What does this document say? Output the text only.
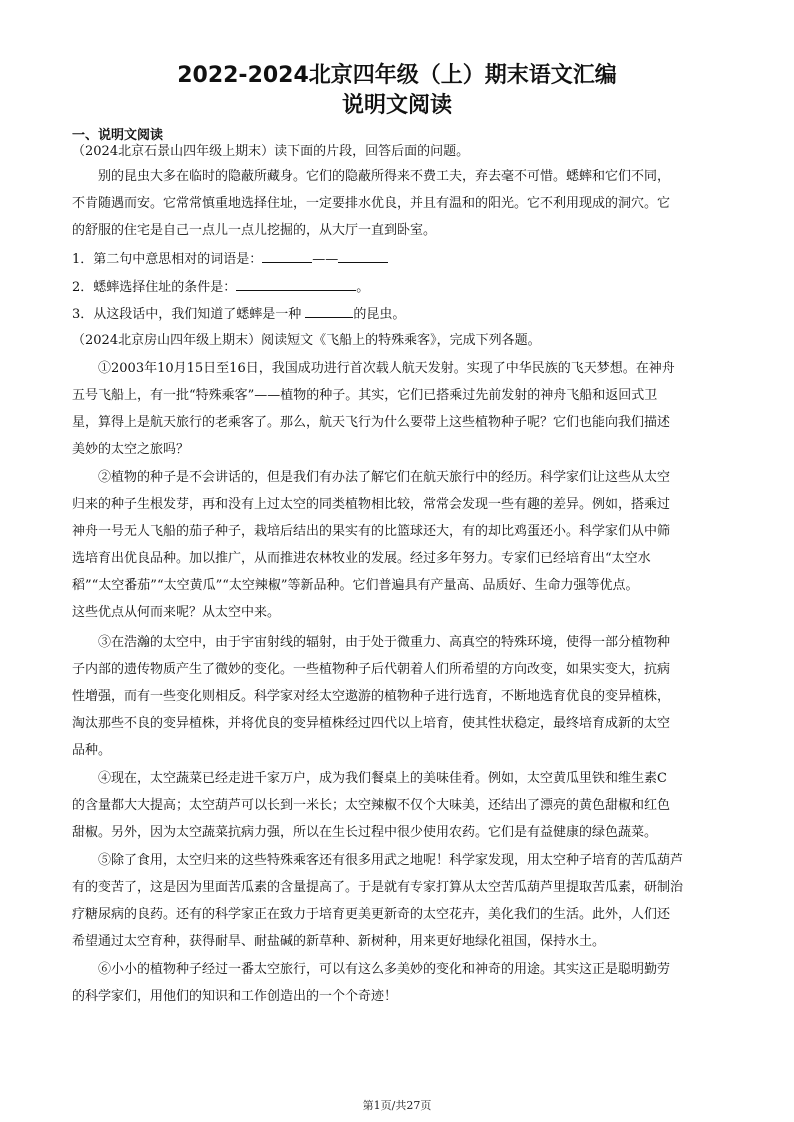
2022-2024北京四年级（上）期末语文汇编
说明文阅读
一、说明文阅读
（2024北京石景山四年级上期末）读下面的片段，回答后面的问题。
别的昆虫大多在临时的隐蔽所藏身。它们的隐蔽所得来不费工夫，弃去毫不可惜。蟋蟀和它们不同，
不肯随遇而安。它常常慎重地选择住址，一定要排水优良，并且有温和的阳光。它不利用现成的洞穴。它
的舒服的住宅是自己一点儿一点儿挖掘的，从大厅一直到卧室。
1．第二句中意思相对的词语是：	——
2．蟋蟀选择住址的条件是：	。
3．从这段话中，我们知道了蟋蟀是一种	的昆虫。
（2024北京房山四年级上期末）阅读短文《飞船上的特殊乘客》，完成下列各题。
①2003年10月15日至16日，我国成功进行首次载人航天发射。实现了中华民族的飞天梦想。在神舟
五号飞船上，有一批“特殊乘客”——植物的种子。其实，它们已搭乘过先前发射的神舟飞船和返回式卫
星，算得上是航天旅行的老乘客了。那么，航天飞行为什么要带上这些植物种子呢？它们也能向我们描述
美妙的太空之旅吗？
②植物的种子是不会讲话的，但是我们有办法了解它们在航天旅行中的经历。科学家们让这些从太空
归来的种子生根发芽，再和没有上过太空的同类植物相比较，常常会发现一些有趣的差异。例如，搭乘过
神舟一号无人飞船的茄子种子，栽培后结出的果实有的比篮球还大，有的却比鸡蛋还小。科学家们从中筛
选培育出优良品种。加以推广，从而推进农林牧业的发展。经过多年努力。专家们已经培育出“太空水
稻”“太空番茄”“太空黄瓜”“太空辣椒”等新品种。它们普遍具有产量高、品质好、生命力强等优点。
这些优点从何而来呢？从太空中来。
③在浩瀚的太空中，由于宇宙射线的辐射，由于处于微重力、高真空的特殊环境，使得一部分植物种
子内部的遗传物质产生了微妙的变化。一些植物种子后代朝着人们所希望的方向改变，如果实变大，抗病
性增强，而有一些变化则相反。科学家对经太空遨游的植物种子进行选育，不断地选育优良的变异植株，
淘汰那些不良的变异植株，并将优良的变异植株经过四代以上培育，使其性状稳定，最终培育成新的太空
品种。
④现在，太空蔬菜已经走进千家万户，成为我们餐桌上的美味佳肴。例如，太空黄瓜里铁和维生素C
的含量都大大提高；太空葫芦可以长到一米长；太空辣椒不仅个大味美，还结出了漂亮的黄色甜椒和红色
甜椒。另外，因为太空蔬菜抗病力强，所以在生长过程中很少使用农药。它们是有益健康的绿色蔬菜。
⑤除了食用，太空归来的这些特殊乘客还有很多用武之地呢！科学家发现，用太空种子培育的苦瓜葫芦
有的变苦了，这是因为里面苦瓜素的含量提高了。于是就有专家打算从太空苦瓜葫芦里提取苦瓜素，研制治
疗糖尿病的良药。还有的科学家正在致力于培育更美更新奇的太空花卉，美化我们的生活。此外，人们还
希望通过太空育种，获得耐旱、耐盐碱的新草种、新树种，用来更好地绿化祖国，保持水土。
⑥小小的植物种子经过一番太空旅行，可以有这么多美妙的变化和神奇的用途。其实这正是聪明勤劳
的科学家们，用他们的知识和工作创造出的一个个奇迹！
第1页/共27页
